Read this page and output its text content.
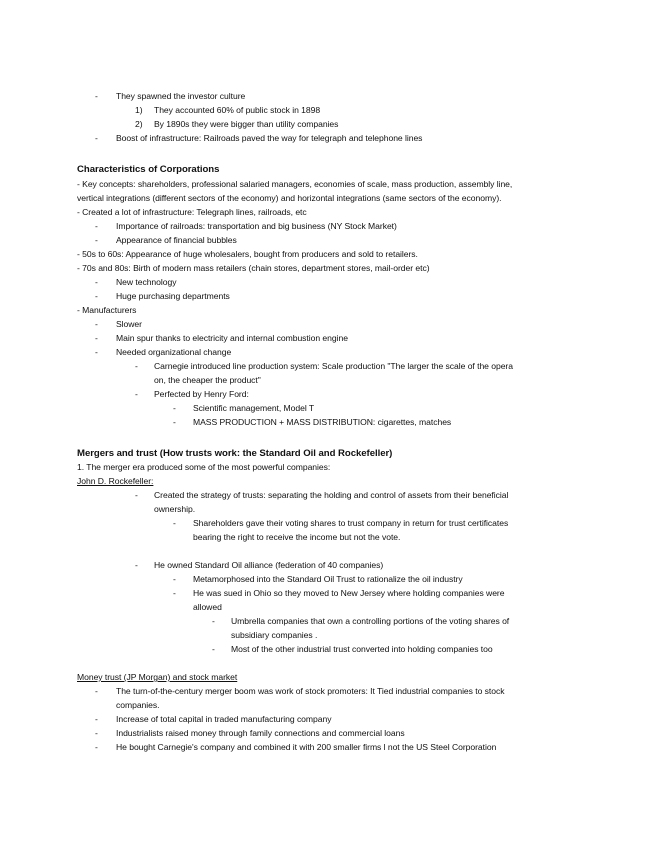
- They spawned the investor culture
1) They accounted 60% of public stock in 1898
2) By 1890s they were bigger than utility companies
- Boost of infrastructure: Railroads paved the way for telegraph and telephone lines
Characteristics of Corporations
- Key concepts: shareholders, professional salaried managers, economies of scale, mass production, assembly line,
vertical integrations (different sectors of the economy) and horizontal integrations (same sectors of the economy).
- Created a lot of infrastructure: Telegraph lines, railroads, etc
- Importance of railroads: transportation and big business (NY Stock Market)
- Appearance of financial bubbles
- 50s to 60s: Appearance of huge wholesalers, bought from producers and sold to retailers.
- 70s and 80s: Birth of modern mass retailers (chain stores, department stores, mail-order etc)
- New technology
- Huge purchasing departments
- Manufacturers
- Slower
- Main spur thanks to electricity and internal combustion engine
- Needed organizational change
- Carnegie introduced line production system: Scale production "The larger the scale of the opera
on, the cheaper the product"
- Perfected by Henry Ford:
- Scientific management, Model T
- MASS PRODUCTION + MASS DISTRIBUTION: cigarettes, matches
Mergers and trust (How trusts work: the Standard Oil and Rockefeller)
1. The merger era produced some of the most powerful companies:
John D. Rockefeller:
- Created the strategy of trusts: separating the holding and control of assets from their beneficial
ownership.
- Shareholders gave their voting shares to trust company in return for trust certificates
bearing the right to receive the income but not the vote.
- He owned Standard Oil alliance (federation of 40 companies)
- Metamorphosed into the Standard Oil Trust to rationalize the oil industry
- He was sued in Ohio so they moved to New Jersey where holding companies were
allowed
- Umbrella companies that own a controlling portions of the voting shares of
subsidiary companies .
- Most of the other industrial trust converted into holding companies too
Money trust (JP Morgan) and stock market
- The turn-of-the-century merger boom was work of stock promoters: It Tied industrial companies to stock
companies.
- Increase of total capital in traded manufacturing company
- Industrialists raised money through family connections and commercial loans
- He bought Carnegie's company and combined it with 200 smaller firms l not the US Steel Corporation
